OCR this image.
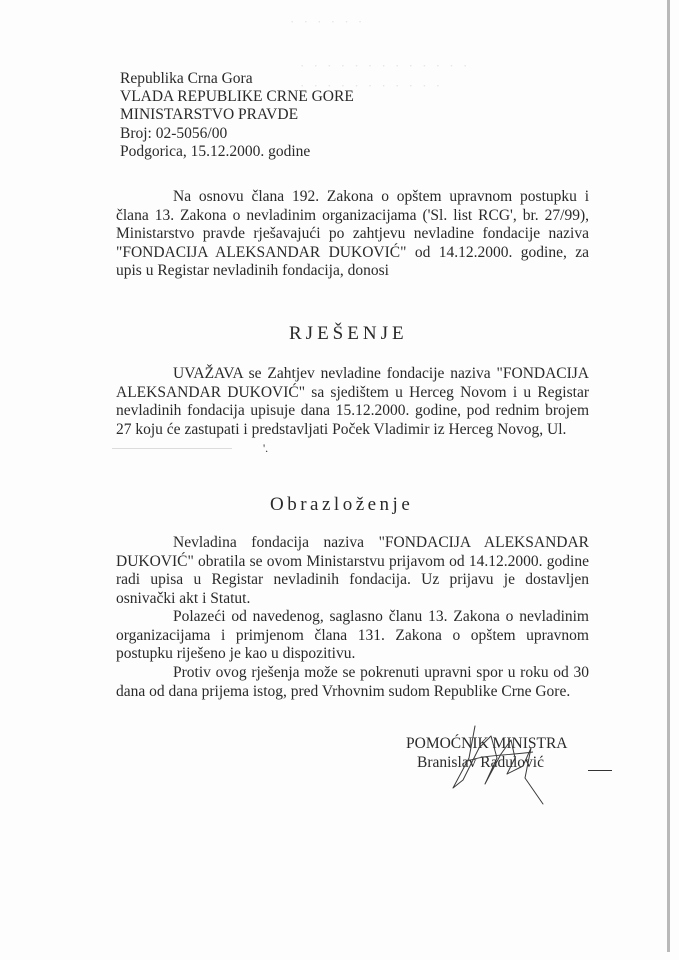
· · · · · ·
· · · · · · · · · · · · ·
· · · · · · · · · · ·
Republika Crna Gora
VLADA REPUBLIKE CRNE GORE
MINISTARSTVO PRAVDE
Broj: 02-5056/00
Podgorica, 15.12.2000. godine
Na osnovu člana 192. Zakona o opštem upravnom postupku i člana 13. Zakona o nevladinim organizacijama ('Sl. list RCG', br. 27/99), Ministarstvo pravde rješavajući po zahtjevu nevladine fondacije naziva "FONDACIJA ALEKSANDAR DUKOVIĆ" od 14.12.2000. godine, za upis u Registar nevladinih fondacija, donosi
RJEŠENJE
UVAŽAVA se Zahtjev nevladine fondacije naziva "FONDACIJA ALEKSANDAR DUKOVIĆ" sa sjedištem u Herceg Novom i u Registar nevladinih fondacija upisuje dana 15.12.2000. godine, pod rednim brojem 27 koju će zastupati i predstavljati Poček Vladimir iz Herceg Novog, Ul.
'.
Obrazloženje
Nevladina fondacija naziva "FONDACIJA ALEKSANDAR DUKOVIĆ" obratila se ovom Ministarstvu prijavom od 14.12.2000. godine radi upisa u Registar nevladinih fondacija. Uz prijavu je dostavljen osnivački akt i Statut.
Polazeći od navedenog, saglasno članu 13. Zakona o nevladinim organizacijama i primjenom člana 131. Zakona o opštem upravnom postupku riješeno je kao u dispozitivu.
Protiv ovog rješenja može se pokrenuti upravni spor u roku od 30 dana od dana prijema istog, pred Vrhovnim sudom Republike Crne Gore.
POMOĆNIK MINISTRA
Branislav Radulović
